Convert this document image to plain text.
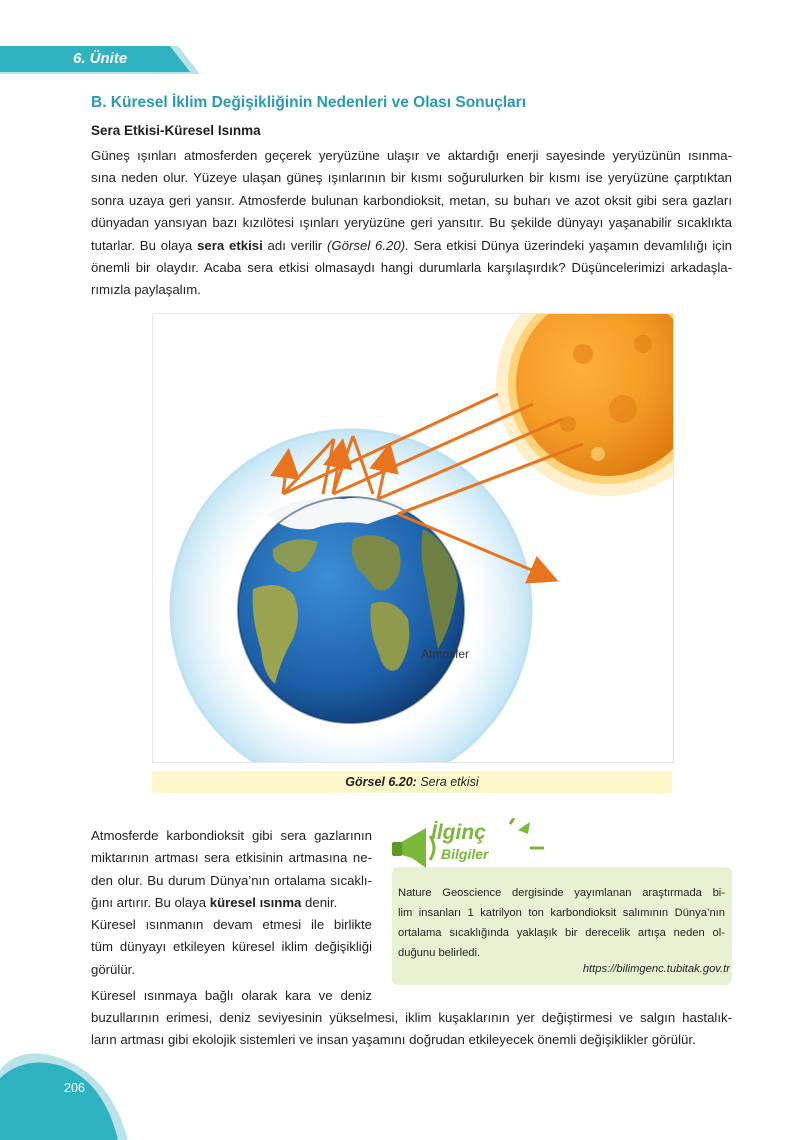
6. Ünite
B. Küresel İklim Değişikliğinin Nedenleri ve Olası Sonuçları
Sera Etkisi-Küresel Isınma
Güneş ışınları atmosferden geçerek yeryüzüne ulaşır ve aktardığı enerji sayesinde yeryüzünün ısınma-
sına neden olur. Yüzeye ulaşan güneş ışınlarının bir kısmı soğurulurken bir kısmı ise yeryüzüne çarptıktan
sonra uzaya geri yansır. Atmosferde bulunan karbondioksit, metan, su buharı ve azot oksit gibi sera gazları
dünyadan yansıyan bazı kızılötesi ışınları yeryüzüne geri yansıtır. Bu şekilde dünyayı yaşanabilir sıcaklıkta
tutarlar. Bu olaya sera etkisi adı verilir (Görsel 6.20). Sera etkisi Dünya üzerindeki yaşamın devamlılığı için
önemli bir olaydır. Acaba sera etkisi olmasaydı hangi durumlarla karşılaşırdık? Düşüncelerimizi arkadaşla-
rımızla paylaşalım.
Atmosfer
Görsel 6.20: Sera etkisi
Atmosferde karbondioksit gibi sera gazlarının
miktarının artması sera etkisinin artmasına ne-
den olur. Bu durum Dünya’nın ortalama sıcaklı-
ğını artırır. Bu olaya küresel ısınma denir.
Küresel ısınmanın devam etmesi ile birlikte
tüm dünyayı etkileyen küresel iklim değişikliği
görülür.
Küresel ısınmaya bağlı olarak kara ve deniz
buzullarının erimesi, deniz seviyesinin yükselmesi, iklim kuşaklarının yer değiştirmesi ve salgın hastalık-
ların artması gibi ekolojik sistemleri ve insan yaşamını doğrudan etkileyecek önemli değişiklikler görülür.
İlginç
Bilgiler
Nature Geoscience dergisinde yayımlanan araştırmada bi-
lim insanları 1 katrilyon ton karbondioksit salımının Dünya’nın
ortalama sıcaklığında yaklaşık bir derecelik artışa neden ol-
duğunu belirledi.
https://bilimgenc.tubitak.gov.tr
206
